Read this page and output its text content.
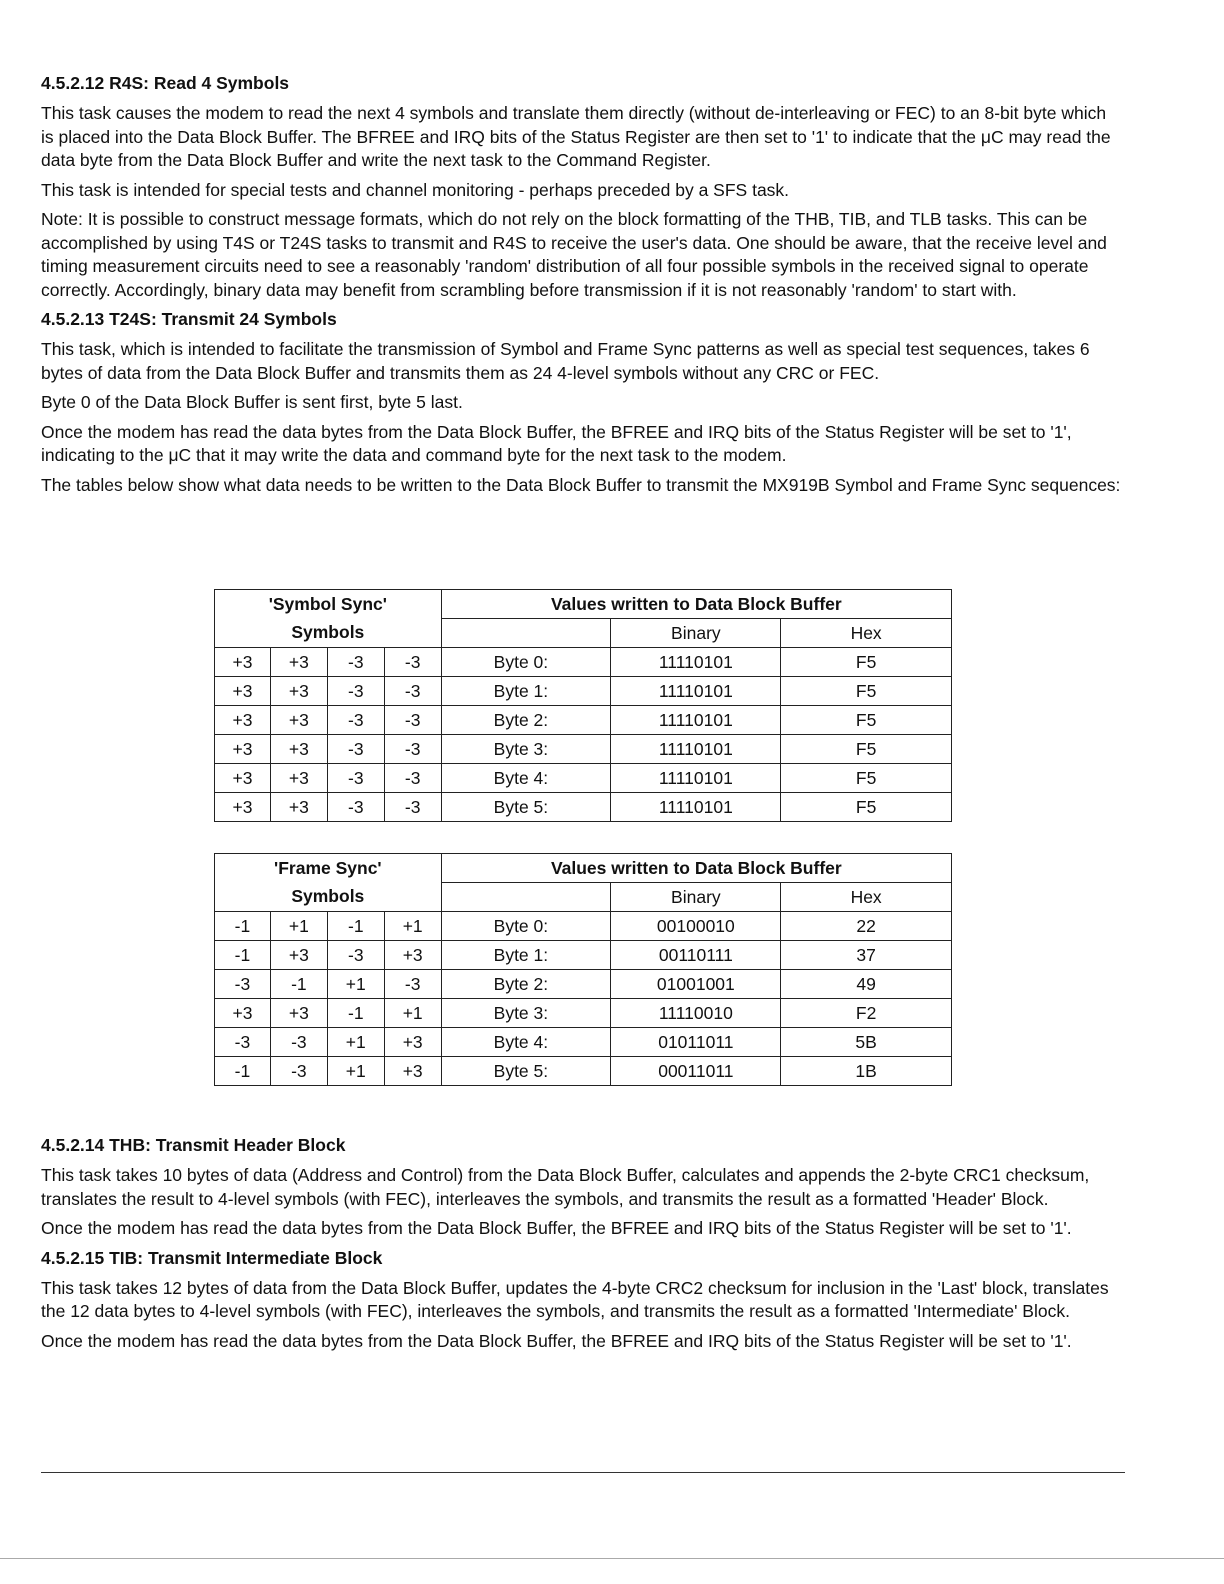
4.5.2.12 R4S: Read 4 Symbols

This task causes the modem to read the next 4 symbols and translate them directly (without de-interleaving or FEC) to an 8-bit byte which is placed into the Data Block Buffer. The BFREE and IRQ bits of the Status Register are then set to '1' to indicate that the μC may read the data byte from the Data Block Buffer and write the next task to the Command Register.

This task is intended for special tests and channel monitoring - perhaps preceded by a SFS task.

Note: It is possible to construct message formats, which do not rely on the block formatting of the THB, TIB, and TLB tasks. This can be accomplished by using T4S or T24S tasks to transmit and R4S to receive the user's data. One should be aware, that the receive level and timing measurement circuits need to see a reasonably 'random' distribution of all four possible symbols in the received signal to operate correctly. Accordingly, binary data may benefit from scrambling before transmission if it is not reasonably 'random' to start with.

4.5.2.13 T24S: Transmit 24 Symbols

This task, which is intended to facilitate the transmission of Symbol and Frame Sync patterns as well as special test sequences, takes 6 bytes of data from the Data Block Buffer and transmits them as 24 4-level symbols without any CRC or FEC.

Byte 0 of the Data Block Buffer is sent first, byte 5 last.

Once the modem has read the data bytes from the Data Block Buffer, the BFREE and IRQ bits of the Status Register will be set to '1', indicating to the μC that it may write the data and command byte for the next task to the modem.

The tables below show what data needs to be written to the Data Block Buffer to transmit the MX919B Symbol and Frame Sync sequences:

'Symbol Sync'				Values written to Data Block Buffer		
Symbols					Binary	Hex
+3	+3	-3	-3	Byte 0:	11110101	F5
+3	+3	-3	-3	Byte 1:	11110101	F5
+3	+3	-3	-3	Byte 2:	11110101	F5
+3	+3	-3	-3	Byte 3:	11110101	F5
+3	+3	-3	-3	Byte 4:	11110101	F5
+3	+3	-3	-3	Byte 5:	11110101	F5
'Frame Sync'				Values written to Data Block Buffer		
Symbols					Binary	Hex
-1	+1	-1	+1	Byte 0:	00100010	22
-1	+3	-3	+3	Byte 1:	00110111	37
-3	-1	+1	-3	Byte 2:	01001001	49
+3	+3	-1	+1	Byte 3:	11110010	F2
-3	-3	+1	+3	Byte 4:	01011011	5B
-1	-3	+1	+3	Byte 5:	00011011	1B
4.5.2.14 THB: Transmit Header Block

This task takes 10 bytes of data (Address and Control) from the Data Block Buffer, calculates and appends the 2-byte CRC1 checksum, translates the result to 4-level symbols (with FEC), interleaves the symbols, and transmits the result as a formatted 'Header' Block.

Once the modem has read the data bytes from the Data Block Buffer, the BFREE and IRQ bits of the Status Register will be set to '1'.

4.5.2.15 TIB: Transmit Intermediate Block

This task takes 12 bytes of data from the Data Block Buffer, updates the 4-byte CRC2 checksum for inclusion in the 'Last' block, translates the 12 data bytes to 4-level symbols (with FEC), interleaves the symbols, and transmits the result as a formatted 'Intermediate' Block.

Once the modem has read the data bytes from the Data Block Buffer, the BFREE and IRQ bits of the Status Register will be set to '1'.
